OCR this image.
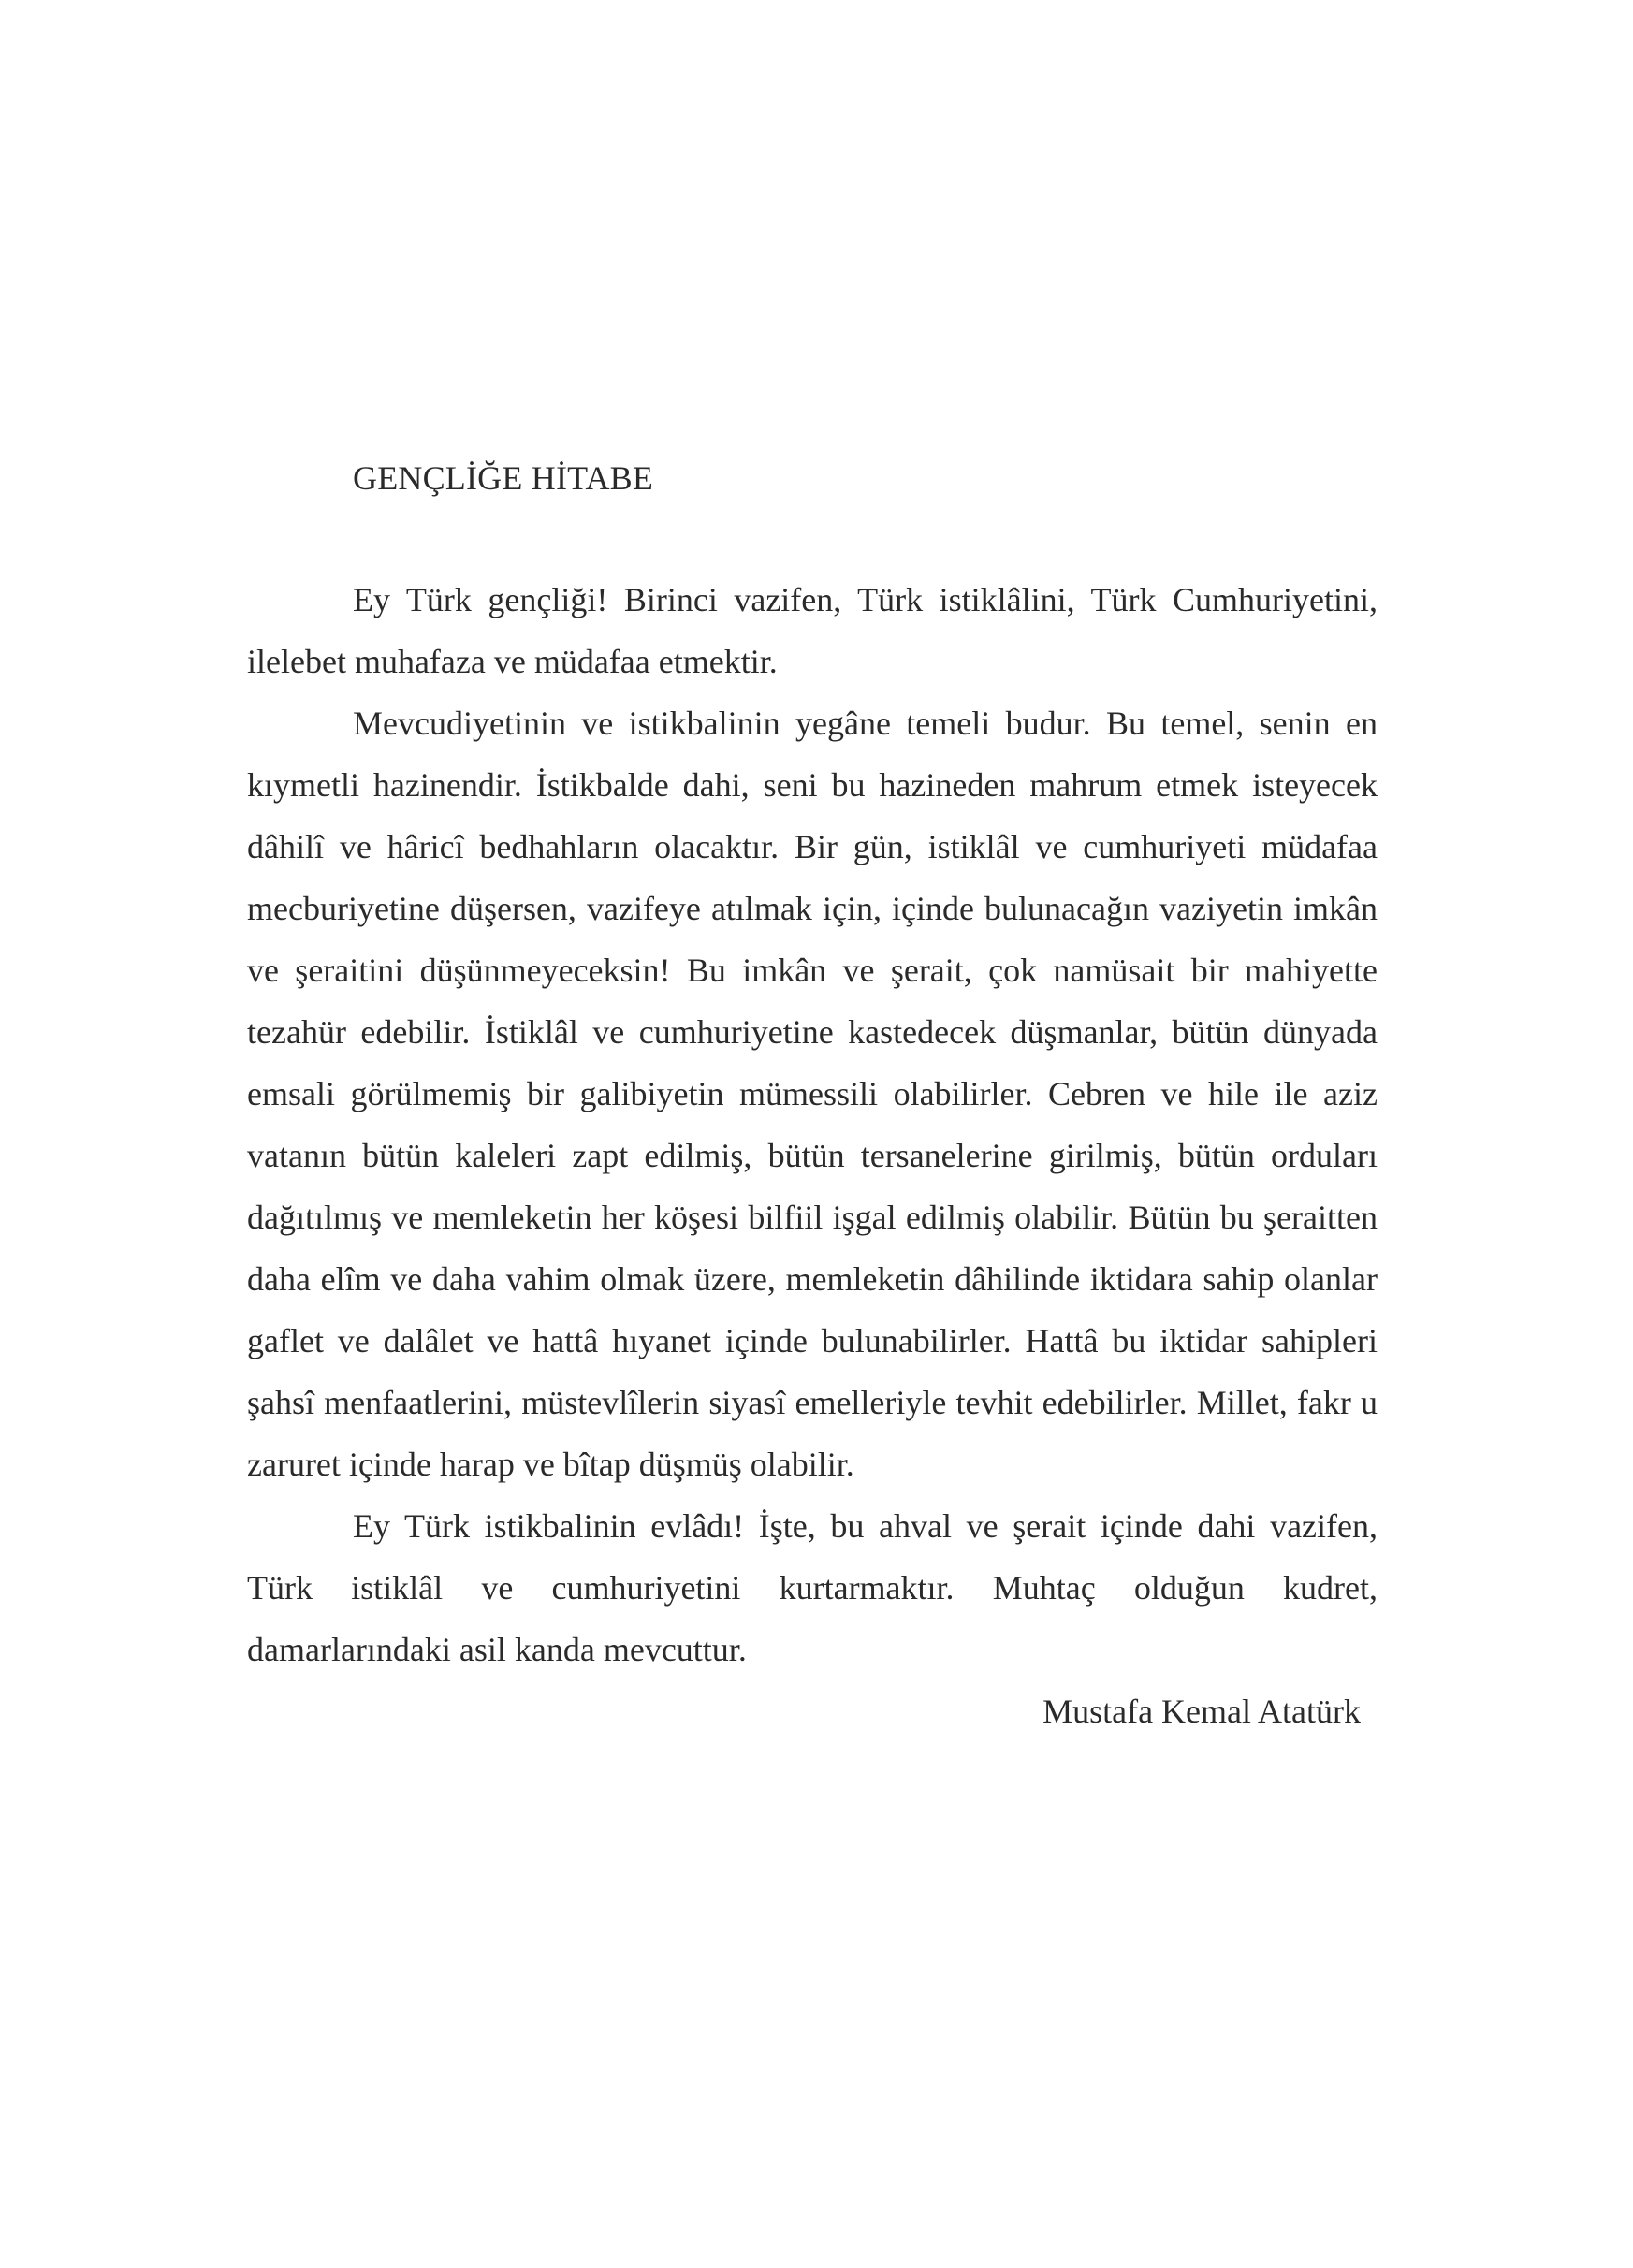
GENÇLİĞE HİTABE

Ey Türk gençliği! Birinci vazifen, Türk istiklâlini, Türk Cumhuriyetini, ilelebet muhafaza ve müdafaa etmektir.

Mevcudiyetinin ve istikbalinin yegâne temeli budur. Bu temel, senin en kıymetli hazinendir. İstikbalde dahi, seni bu hazineden mahrum etmek isteyecek dâhilî ve hâricî bedhahların olacaktır. Bir gün, istiklâl ve cumhuriyeti müdafaa mecburiyetine düşersen, vazifeye atılmak için, içinde bulunacağın vaziyetin imkân ve şeraitini düşünmeyeceksin! Bu imkân ve şerait, çok namüsait bir mahiyette tezahür edebilir. İstiklâl ve cumhuriyetine kastedecek düşmanlar, bütün dünyada emsali görülmemiş bir galibiyetin mümessili olabilirler. Cebren ve hile ile aziz vatanın bütün kaleleri zapt edilmiş, bütün tersanelerine girilmiş, bütün orduları dağıtılmış ve memleketin her köşesi bilfiil işgal edilmiş olabilir. Bütün bu şeraitten daha elîm ve daha vahim olmak üzere, memleketin dâhilinde iktidara sahip olanlar gaflet ve dalâlet ve hattâ hıyanet içinde bulunabilirler. Hattâ bu iktidar sahipleri şahsî menfaatlerini, müstevlîlerin siyasî emelleriyle tevhit edebilirler. Millet, fakr u zaruret içinde harap ve bîtap düşmüş olabilir.

Ey Türk istikbalinin evlâdı! İşte, bu ahval ve şerait içinde dahi vazifen, Türk istiklâl ve cumhuriyetini kurtarmaktır. Muhtaç olduğun kudret, damarlarındaki asil kanda mevcuttur.

Mustafa Kemal Atatürk
